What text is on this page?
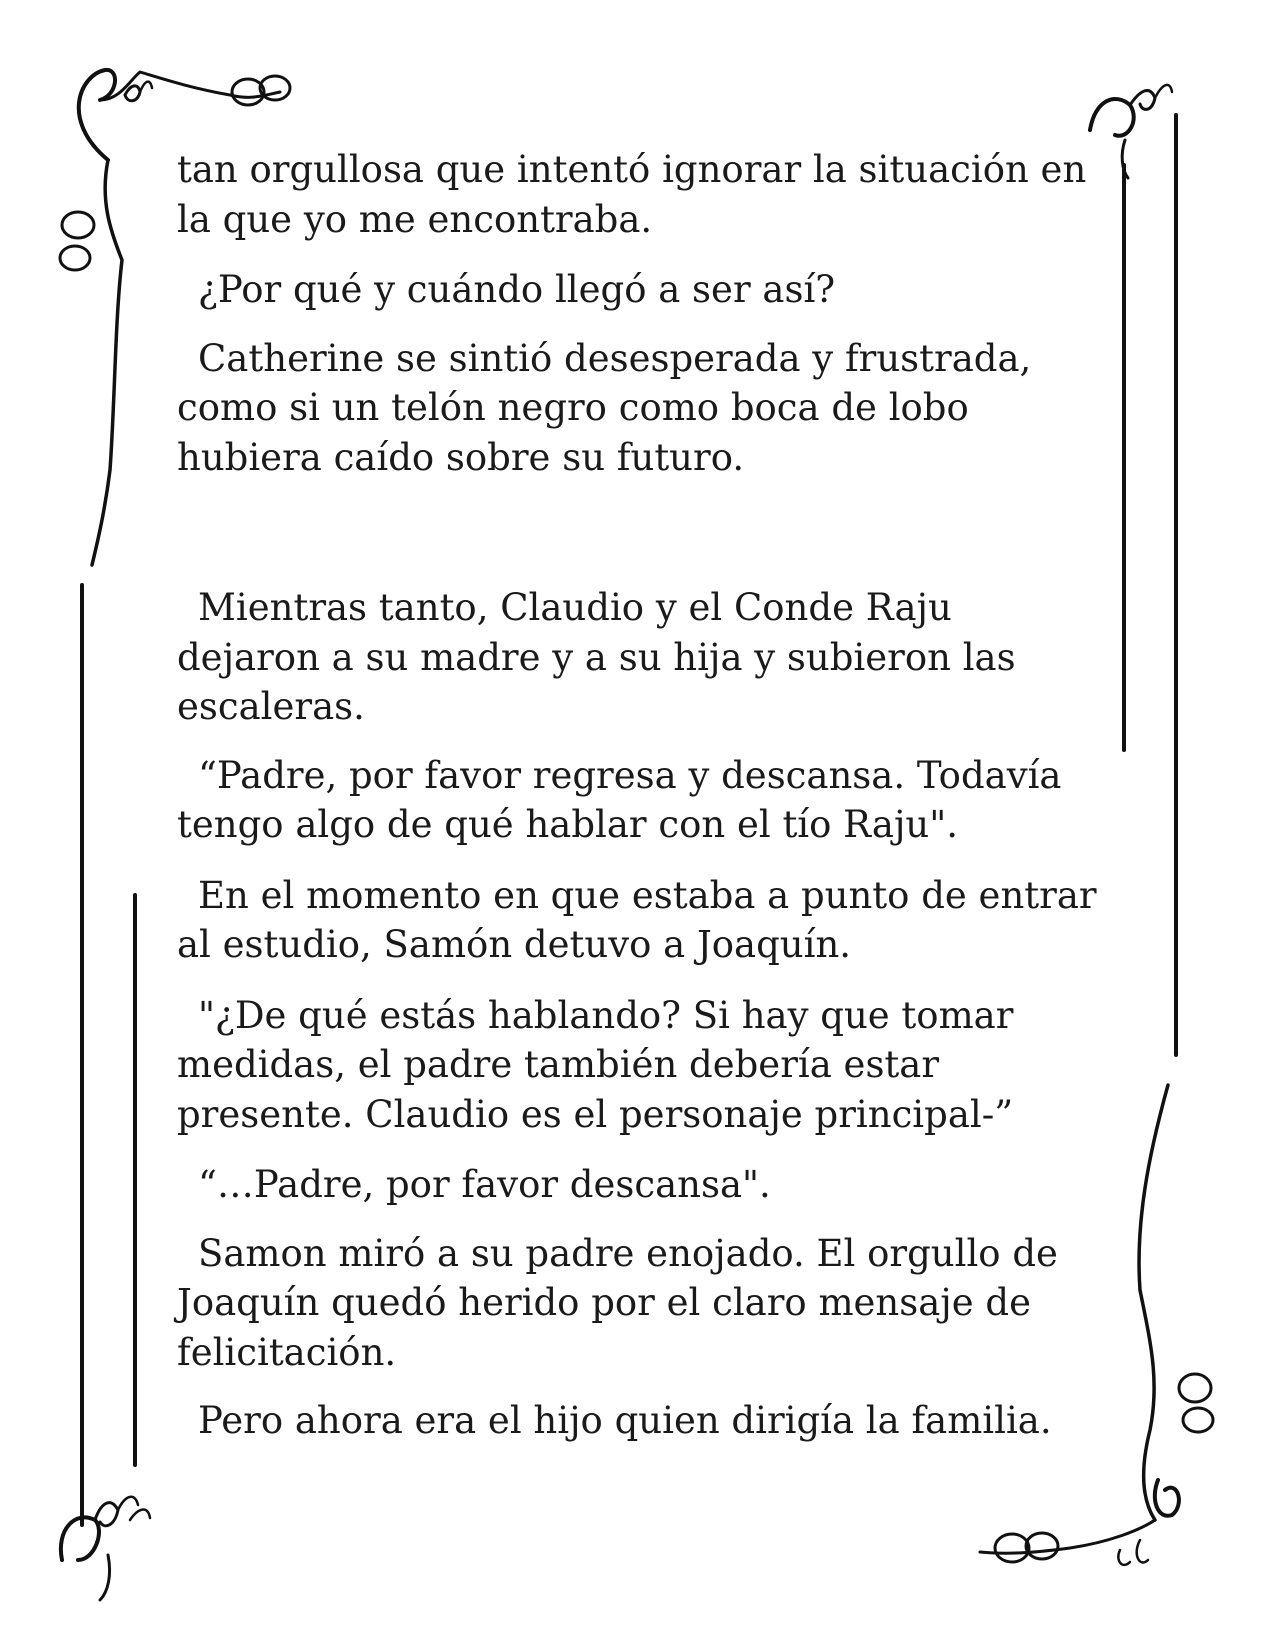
tan orgullosa que intentó ignorar la situación en la que yo me encontraba.

¿Por qué y cuándo llegó a ser así?

Catherine se sintió desesperada y frustrada, como si un telón negro como boca de lobo hubiera caído sobre su futuro.

Mientras tanto, Claudio y el Conde Raju dejaron a su madre y a su hija y subieron las escaleras.

“Padre, por favor regresa y descansa. Todavía tengo algo de qué hablar con el tío Raju".

En el momento en que estaba a punto de entrar al estudio, Samón detuvo a Joaquín.

"¿De qué estás hablando? Si hay que tomar medidas, el padre también debería estar presente. Claudio es el personaje principal-”

“…Padre, por favor descansa".

Samon miró a su padre enojado. El orgullo de Joaquín quedó herido por el claro mensaje de felicitación.

Pero ahora era el hijo quien dirigía la familia.
